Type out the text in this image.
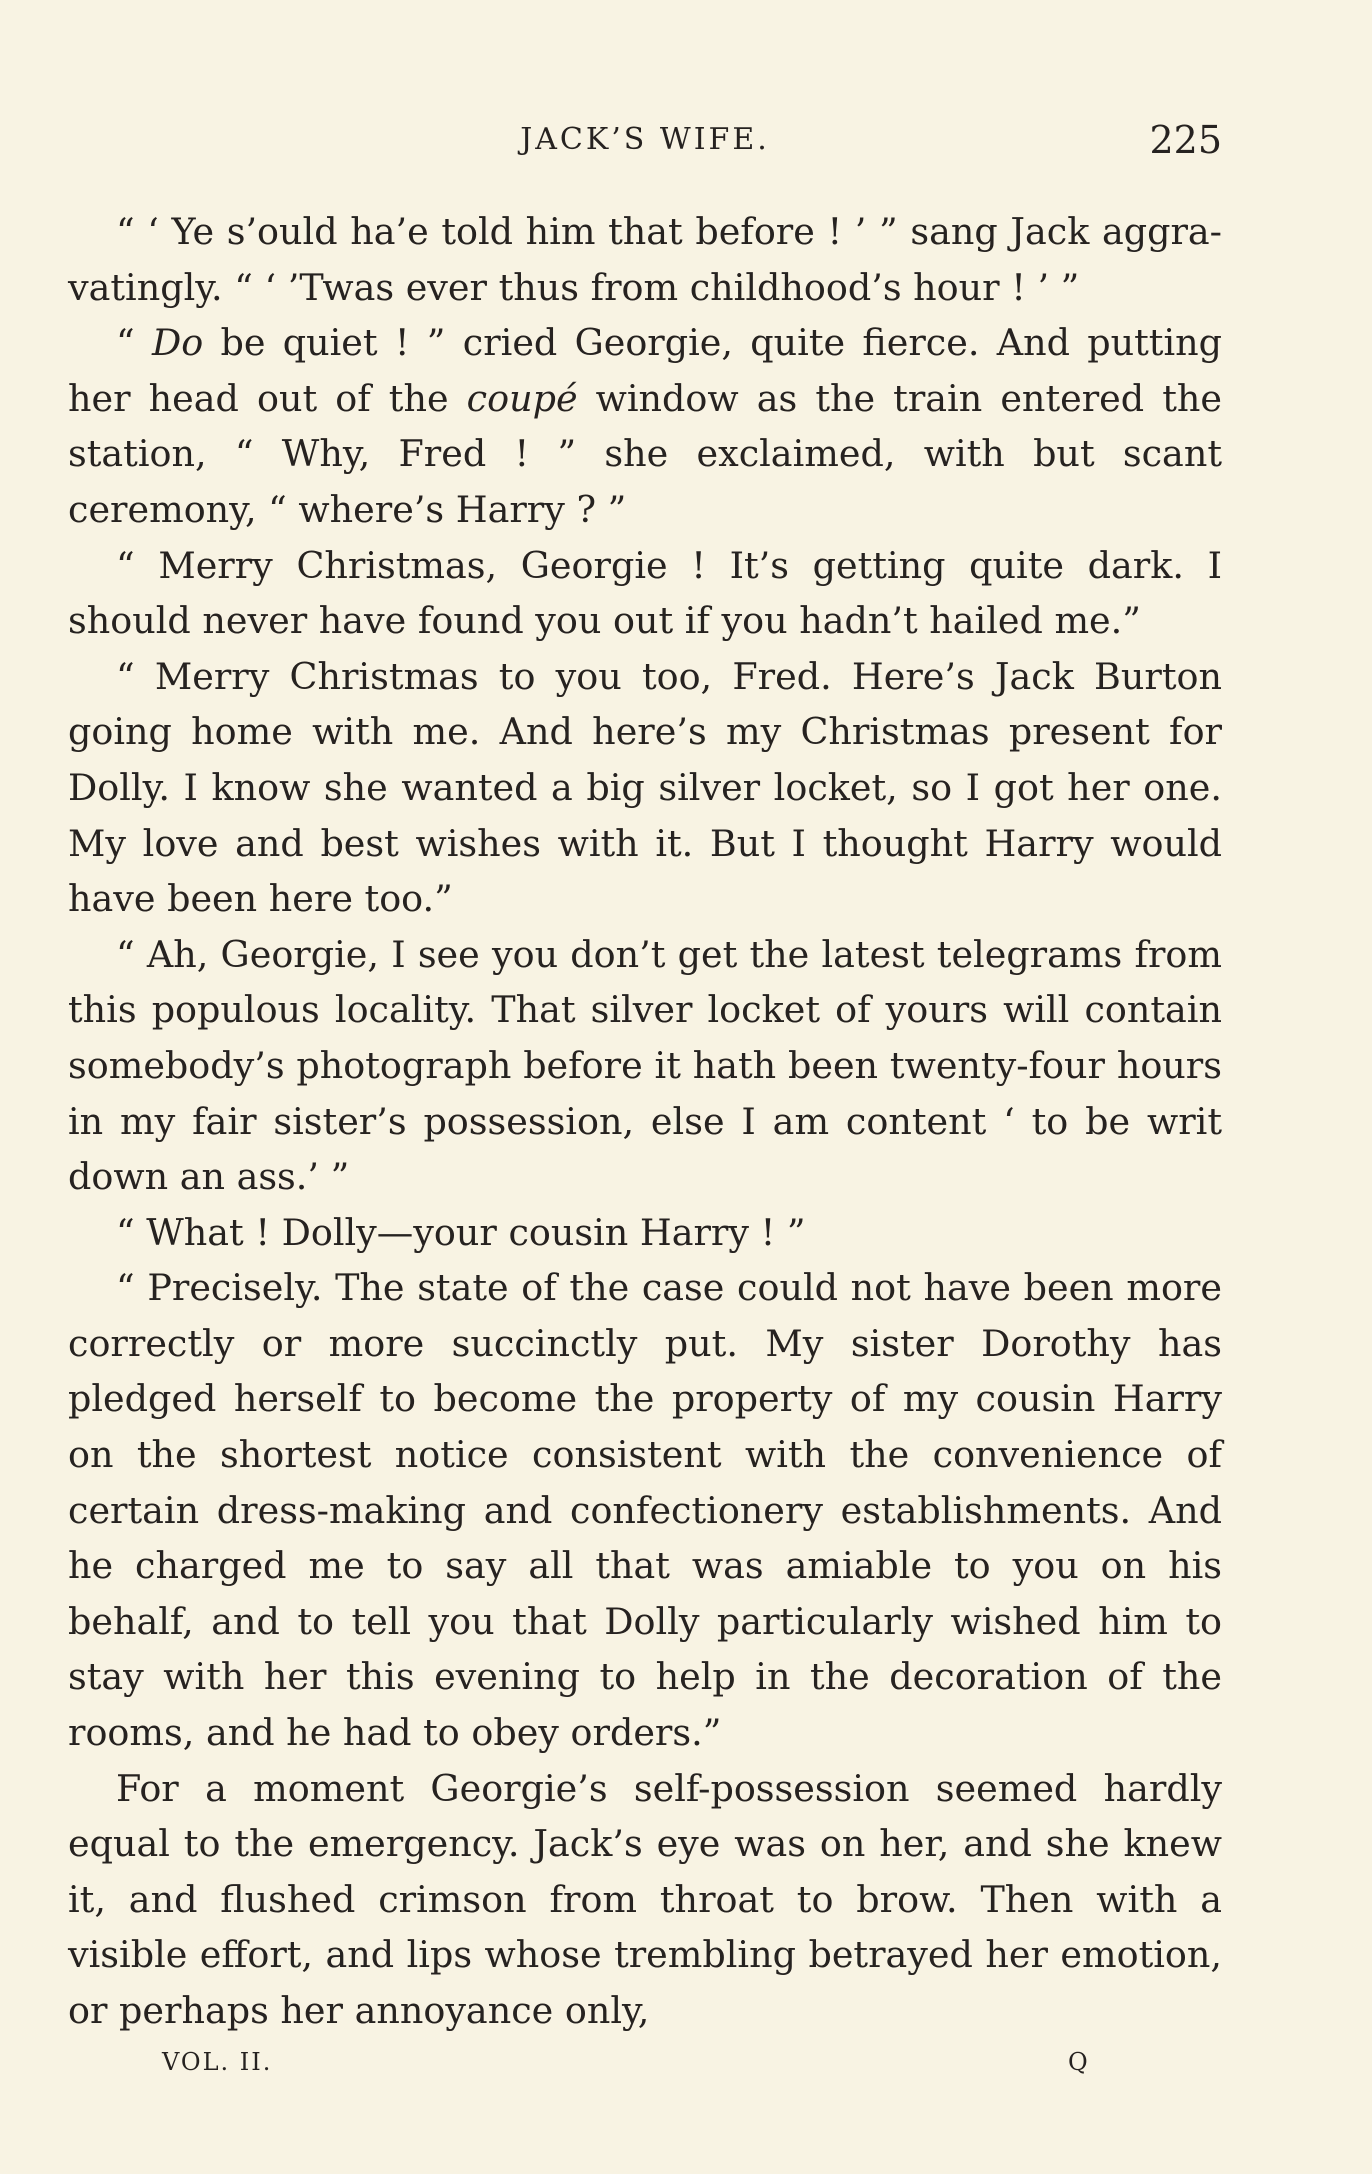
JACK’S WIFE.	225

“ ‘ Ye s’ould ha’e told him that before ! ’ ” sang Jack aggra-vatingly. “ ‘ ’Twas ever thus from childhood’s hour ! ’ ”

“ Do be quiet ! ” cried Georgie, quite fierce. And putting her head out of the coupé window as the train entered the station, “ Why, Fred ! ” she exclaimed, with but scant ceremony, “ where’s Harry ? ”

“ Merry Christmas, Georgie ! It’s getting quite dark. I should never have found you out if you hadn’t hailed me.”

“ Merry Christmas to you too, Fred. Here’s Jack Burton going home with me. And here’s my Christmas present for Dolly. I know she wanted a big silver locket, so I got her one. My love and best wishes with it. But I thought Harry would have been here too.”

“ Ah, Georgie, I see you don’t get the latest telegrams from this populous locality. That silver locket of yours will contain somebody’s photograph before it hath been twenty-four hours in my fair sister’s possession, else I am content ‘ to be writ down an ass.’ ”

“ What ! Dolly—your cousin Harry ! ”

“ Precisely. The state of the case could not have been more correctly or more succinctly put. My sister Dorothy has pledged herself to become the property of my cousin Harry on the shortest notice consistent with the convenience of certain dress-making and confectionery establishments. And he charged me to say all that was amiable to you on his behalf, and to tell you that Dolly particularly wished him to stay with her this evening to help in the decoration of the rooms, and he had to obey orders.”

For a moment Georgie’s self-possession seemed hardly equal to the emergency. Jack’s eye was on her, and she knew it, and flushed crimson from throat to brow. Then with a visible effort, and lips whose trembling betrayed her emotion, or perhaps her annoyance only,

VOL. II.	Q
